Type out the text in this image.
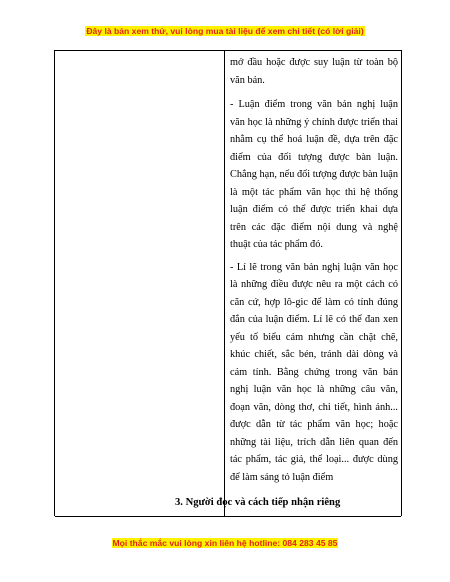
Đây là bản xem thử, vui lòng mua tài liệu để xem chi tiết (có lời giải)

mở đầu hoặc được suy luận từ toàn bộ văn bản.

- Luận điểm trong văn bản nghị luận văn học là những ý chính được triển thai nhằm cụ thể hoá luận đề, dựa trên đặc điểm của đối tượng được bàn luận. Chẳng hạn, nếu đối tượng được bàn luận là một tác phẩm văn học thì hệ thống luận điểm có thể được triển khai dựa trên các đặc điểm nội dung và nghệ thuật của tác phẩm đó.

- Lí lẽ trong văn bản nghị luận văn học là những điều được nêu ra một cách có căn cứ, hợp lô-gic để làm có tính đúng đắn của luận điểm. Lí lẽ có thể đan xen yếu tố biểu cảm nhưng cần chặt chẽ, khúc chiết, sắc bén, tránh dài dòng và cảm tính. Bằng chứng trong văn bản nghị luận văn học là những câu văn, đoạn văn, dòng thơ, chi tiết, hình ảnh... được dẫn từ tác phẩm văn học; hoặc những tài liệu, trích dẫn liên quan đến tác phẩm, tác giả, thể loại... được dùng để làm sáng tỏ luận điểm

3. Người đọc và cách tiếp nhận riêng
Mọi thắc mắc vui lòng xin liên hệ hotline: 084 283 45 85
